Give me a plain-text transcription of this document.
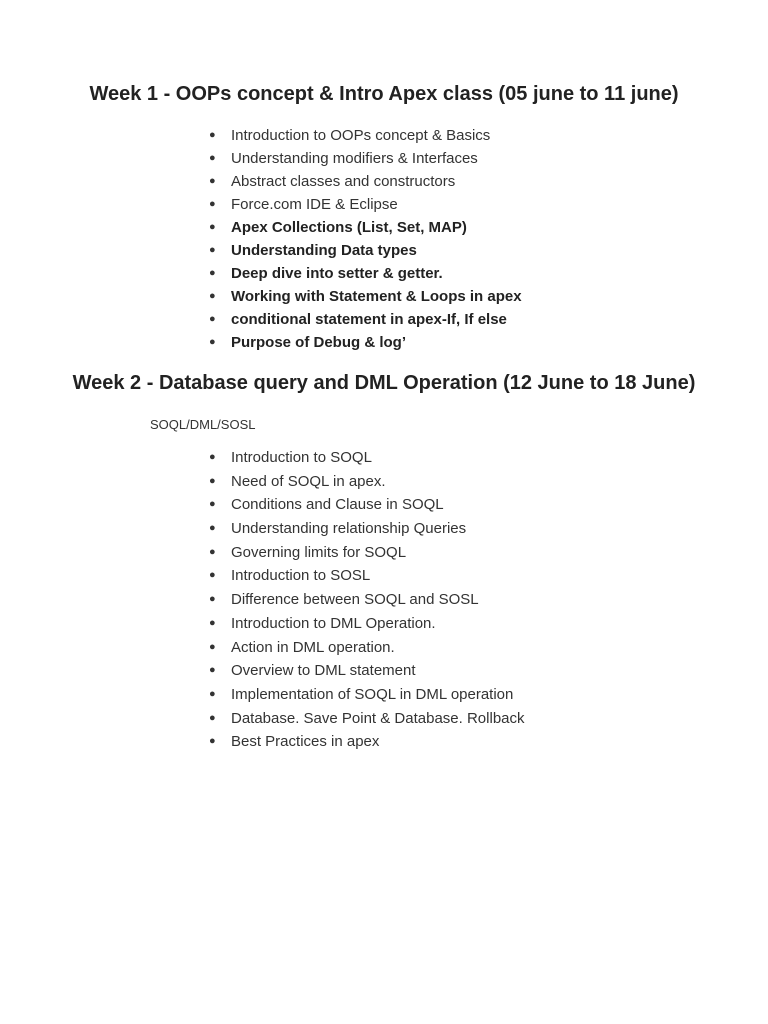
Week 1 - OOPs concept & Intro Apex class (05 june to 11 june)
● Introduction to OOPs concept & Basics
● Understanding modifiers & Interfaces
● Abstract classes and constructors
● Force.com IDE & Eclipse
● Apex Collections (List, Set, MAP)
● Understanding Data types
● Deep dive into setter & getter.
● Working with Statement & Loops in apex
● conditional statement in apex-If, If else
● Purpose of Debug & log’
Week 2 - Database query and DML Operation (12 June to 18 June)
SOQL/DML/SOSL
● Introduction to SOQL
● Need of SOQL in apex.
● Conditions and Clause in SOQL
● Understanding relationship Queries
● Governing limits for SOQL
● Introduction to SOSL
● Difference between SOQL and SOSL
● Introduction to DML Operation.
● Action in DML operation.
● Overview to DML statement
● Implementation of SOQL in DML operation
● Database. Save Point & Database. Rollback
● Best Practices in apex
